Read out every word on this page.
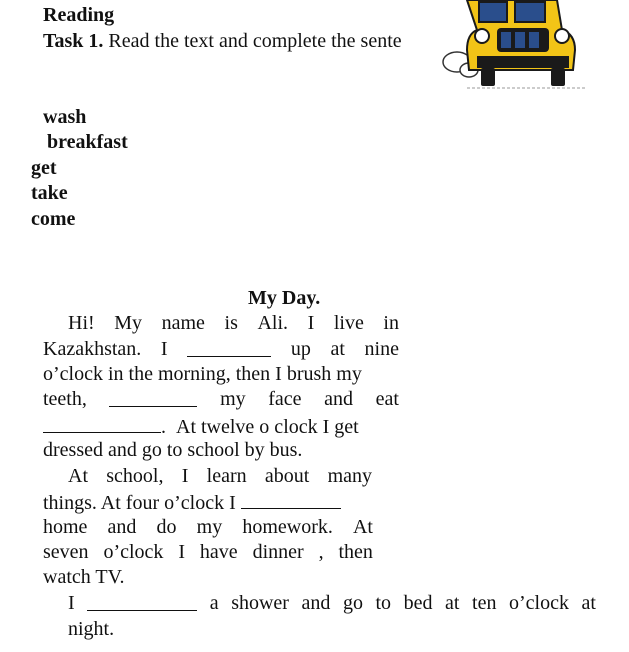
Reading
Task 1. Read the text and complete the sente
wash
breakfast
get
take
come
My Day.
Hi! My name is Ali. I live in
Kazakhstan. I	up at nine
o’clock in the morning, then I brush my
teeth,	my face and eat
. At twelve o clock I get
dressed and go to school by bus.
At school, I learn about many
things. At four o’clock I
home and do my homework. At
seven o’clock I have dinner , then
watch TV.
I	a shower and go to bed at ten o’clock at
night.
